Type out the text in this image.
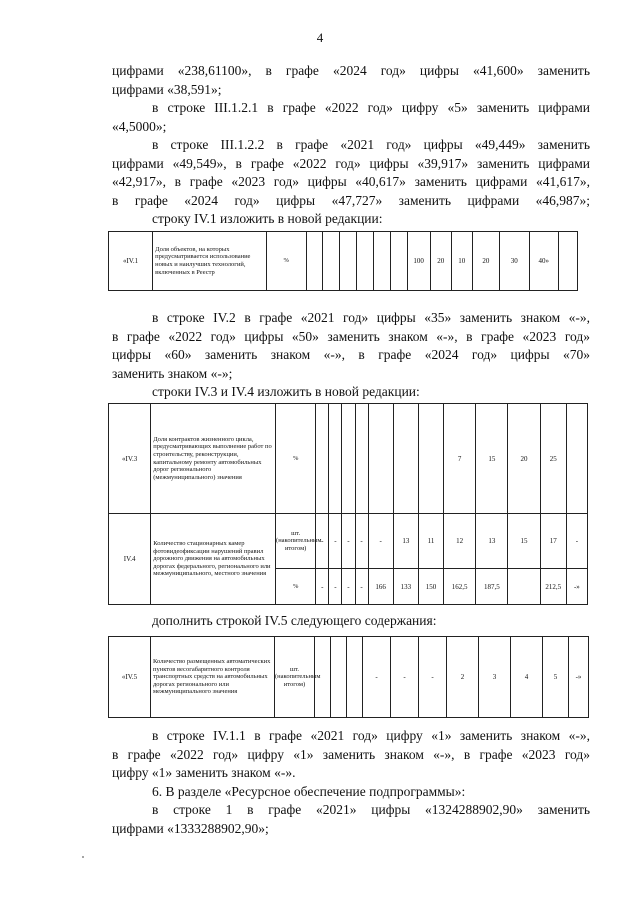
4
цифрами «238,61100», в графе «2024 год» цифры «41,600» заменить
цифрами «38,591»;
в строке III.1.2.1 в графе «2022 год» цифру «5» заменить цифрами
«4,5000»;
в строке III.1.2.2 в графе «2021 год» цифры «49,449» заменить
цифрами «49,549», в графе «2022 год» цифры «39,917» заменить цифрами
«42,917», в графе «2023 год» цифры «40,617» заменить цифрами «41,617»,
в графе «2024 год» цифры «47,727» заменить цифрами «46,987»;
строку IV.1 изложить в новой редакции:
«IV.1	Доля объектов, на которых предусматривается использование новых и наилучших технологий, включенных в Реестр	%							100	20	10	20	30	40»	
в строке IV.2 в графе «2021 год» цифры «35» заменить знаком «-»,
в графе «2022 год» цифры «50» заменить знаком «-», в графе «2023 год»
цифры «60» заменить знаком «-», в графе «2024 год» цифры «70»
заменить знаком «-»;
строки IV.3 и IV.4 изложить в новой редакции:
«IV.3	Доля контрактов жизненного цикла, предусматривающих выполнение работ по строительству, реконструкции, капитальному ремонту автомобильных дорог регионального (межмуниципального) значения	%								7	15	20	25	
IV.4	Количество стационарных камер фотовидеофиксации нарушений правил дорожного движения на автомобильных дорогах федерального, регионального или межмуниципального, местного значения	шт. (накопительным итогом)	-	-	-	-	-	13	11	12	13	15	17	-
		%	-	-	-	-	166	133	150	162,5	187,5		212,5	-»
дополнить строкой IV.5 следующего содержания:
«IV.5	Количество размещенных автоматических пунктов весогабаритного контроля транспортных средств на автомобильных дорогах регионального или межмуниципального значения	шт. (накопительным итогом)				-	-	-	2	3	4	5	-»
в строке IV.1.1 в графе «2021 год» цифру «1» заменить знаком «-»,
в графе «2022 год» цифру «1» заменить знаком «-», в графе «2023 год»
цифру «1» заменить знаком «-».
6. В разделе «Ресурсное обеспечение подпрограммы»:
в строке 1 в графе «2021» цифры «1324288902,90» заменить
цифрами «1333288902,90»;
